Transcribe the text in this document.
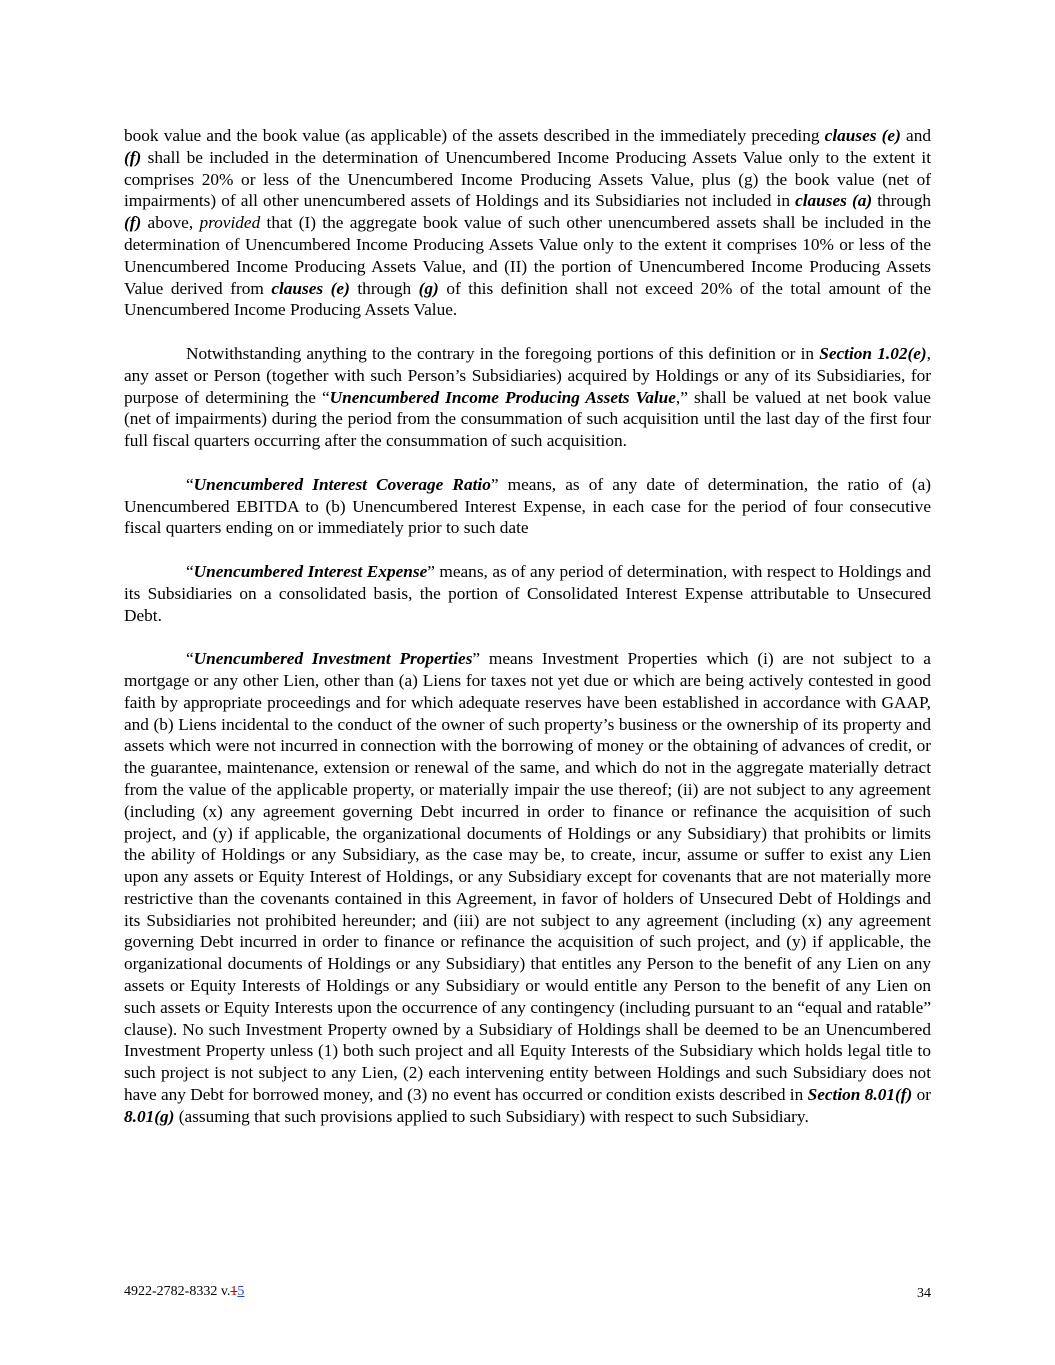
book value and the book value (as applicable) of the assets described in the immediately preceding clauses (e) and (f) shall be included in the determination of Unencumbered Income Producing Assets Value only to the extent it comprises 20% or less of the Unencumbered Income Producing Assets Value, plus (g) the book value (net of impairments) of all other unencumbered assets of Holdings and its Subsidiaries not included in clauses (a) through (f) above, provided that (I) the aggregate book value of such other unencumbered assets shall be included in the determination of Unencumbered Income Producing Assets Value only to the extent it comprises 10% or less of the Unencumbered Income Producing Assets Value, and (II) the portion of Unencumbered Income Producing Assets Value derived from clauses (e) through (g) of this definition shall not exceed 20% of the total amount of the Unencumbered Income Producing Assets Value.

Notwithstanding anything to the contrary in the foregoing portions of this definition or in Section 1.02(e), any asset or Person (together with such Person’s Subsidiaries) acquired by Holdings or any of its Subsidiaries, for purpose of determining the “Unencumbered Income Producing Assets Value,” shall be valued at net book value (net of impairments) during the period from the consummation of such acquisition until the last day of the first four full fiscal quarters occurring after the consummation of such acquisition.

“Unencumbered Interest Coverage Ratio” means, as of any date of determination, the ratio of (a) Unencumbered EBITDA to (b) Unencumbered Interest Expense, in each case for the period of four consecutive fiscal quarters ending on or immediately prior to such date

“Unencumbered Interest Expense” means, as of any period of determination, with respect to Holdings and its Subsidiaries on a consolidated basis, the portion of Consolidated Interest Expense attributable to Unsecured Debt.

“Unencumbered Investment Properties” means Investment Properties which (i) are not subject to a mortgage or any other Lien, other than (a) Liens for taxes not yet due or which are being actively contested in good faith by appropriate proceedings and for which adequate reserves have been established in accordance with GAAP, and (b) Liens incidental to the conduct of the owner of such property’s business or the ownership of its property and assets which were not incurred in connection with the borrowing of money or the obtaining of advances of credit, or the guarantee, maintenance, extension or renewal of the same, and which do not in the aggregate materially detract from the value of the applicable property, or materially impair the use thereof; (ii) are not subject to any agreement (including (x) any agreement governing Debt incurred in order to finance or refinance the acquisition of such project, and (y) if applicable, the organizational documents of Holdings or any Subsidiary) that prohibits or limits the ability of Holdings or any Subsidiary, as the case may be, to create, incur, assume or suffer to exist any Lien upon any assets or Equity Interest of Holdings, or any Subsidiary except for covenants that are not materially more restrictive than the covenants contained in this Agreement, in favor of holders of Unsecured Debt of Holdings and its Subsidiaries not prohibited hereunder; and (iii) are not subject to any agreement (including (x) any agreement governing Debt incurred in order to finance or refinance the acquisition of such project, and (y) if applicable, the organizational documents of Holdings or any Subsidiary) that entitles any Person to the benefit of any Lien on any assets or Equity Interests of Holdings or any Subsidiary or would entitle any Person to the benefit of any Lien on such assets or Equity Interests upon the occurrence of any contingency (including pursuant to an “equal and ratable” clause). No such Investment Property owned by a Subsidiary of Holdings shall be deemed to be an Unencumbered Investment Property unless (1) both such project and all Equity Interests of the Subsidiary which holds legal title to such project is not subject to any Lien, (2) each intervening entity between Holdings and such Subsidiary does not have any Debt for borrowed money, and (3) no event has occurred or condition exists described in Section 8.01(f) or 8.01(g) (assuming that such provisions applied to such Subsidiary) with respect to such Subsidiary.

4922-2782-8332 v.15	34
